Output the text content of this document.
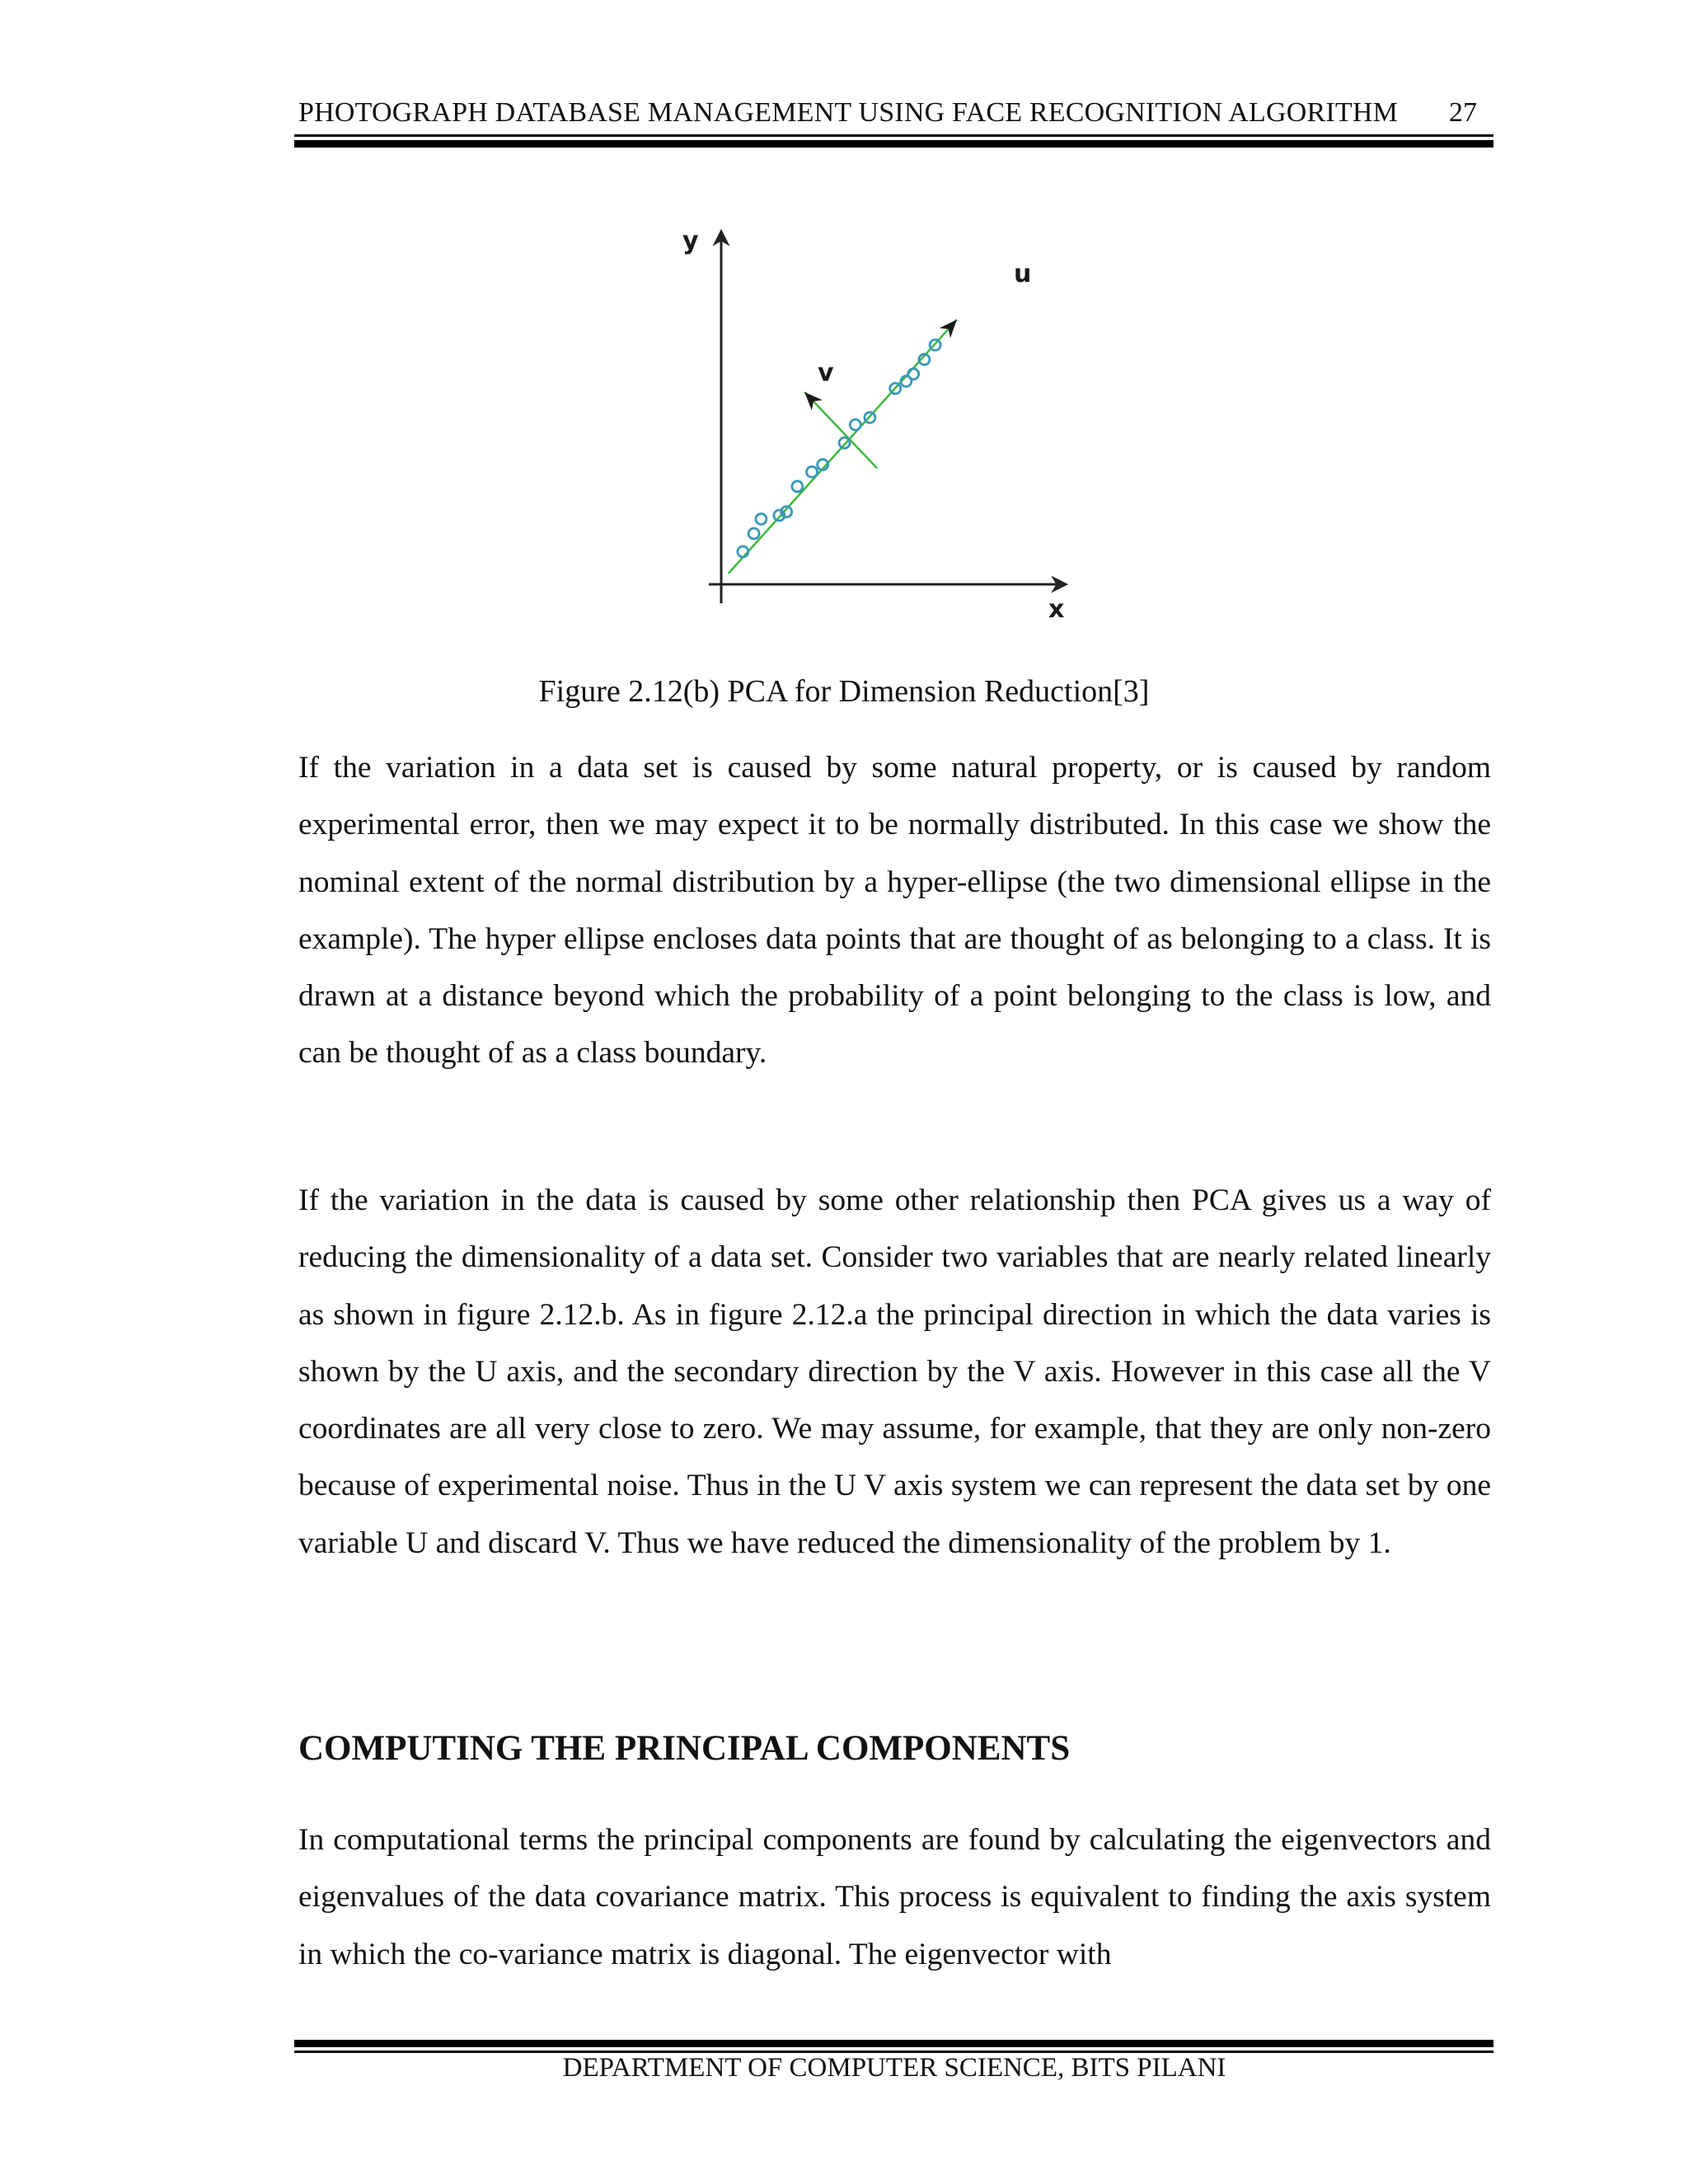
PHOTOGRAPH DATABASE MANAGEMENT USING FACE RECOGNITION ALGORITHM 27
y
x
u
v
Figure 2.12(b) PCA for Dimension Reduction[3]

If the variation in a data set is caused by some natural property, or is caused by random experimental error, then we may expect it to be normally distributed. In this case we show the nominal extent of the normal distribution by a hyper-ellipse (the two dimensional ellipse in the example). The hyper ellipse encloses data points that are thought of as belonging to a class. It is drawn at a distance beyond which the probability of a point belonging to the class is low, and can be thought of as a class boundary.

If the variation in the data is caused by some other relationship then PCA gives us a way of reducing the dimensionality of a data set. Consider two variables that are nearly related linearly as shown in figure 2.12.b. As in figure 2.12.a the principal direction in which the data varies is shown by the U axis, and the secondary direction by the V axis. However in this case all the V coordinates are all very close to zero. We may assume, for example, that they are only non-zero because of experimental noise. Thus in the U V axis system we can represent the data set by one variable U and discard V. Thus we have reduced the dimensionality of the problem by 1.

COMPUTING THE PRINCIPAL COMPONENTS

In computational terms the principal components are found by calculating the eigenvectors and eigenvalues of the data covariance matrix. This process is equivalent to finding the axis system in which the co-variance matrix is diagonal. The eigenvector with

DEPARTMENT OF COMPUTER SCIENCE, BITS PILANI
